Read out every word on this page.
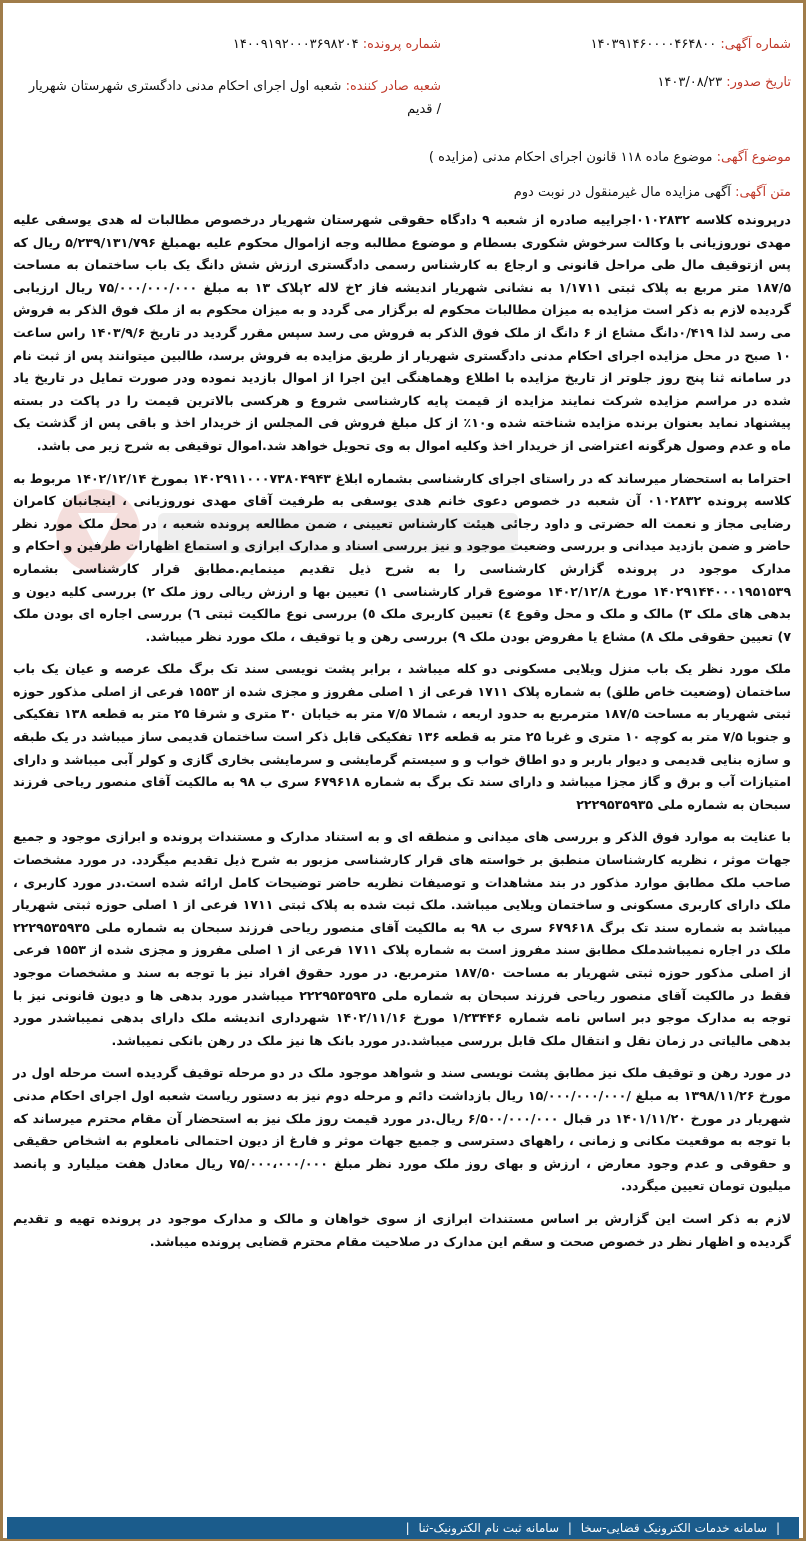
شماره آگهی: ۱۴۰۳۹۱۴۶۰۰۰۰۴۶۴۸۰۰
تاریخ صدور: ۱۴۰۳/۰۸/۲۳
شماره پرونده: ۱۴۰۰۹۱۹۲۰۰۰۳۶۹۸۲۰۴
شعبه صادر کننده: شعبه اول اجرای احکام مدنی دادگستری شهرستان شهریار / قدیم
موضوع آگهی: موضوع ماده ۱۱۸ قانون اجرای احکام مدنی (مزایده )
متن آگهی: آگهی مزایده مال غیرمنقول در نوبت دوم

درپرونده کلاسه ۰۱۰۲۸۳۲اجراییه صادره از شعبه ۹ دادگاه حقوقی شهرستان شهریار درخصوص مطالبات له هدی یوسفی علیه مهدی نوروزیانی با وکالت سرخوش شکوری بسطام و موضوع مطالبه وجه ازاموال محکوم علیه بهمبلغ ۵/۲۳۹/۱۳۱/۷۹۶ ریال که پس ازتوقیف مال طی مراحل قانونی و ارجاع به کارشناس رسمی دادگستری ارزش شش دانگ یک باب ساختمان به مساحت ۱۸۷/۵ متر مربع به پلاک ثبتی ۱/۱۷۱۱ به نشانی شهریار اندیشه فاز ۲خ لاله ۲پلاک ۱۳ به مبلغ ۷۵/۰۰۰/۰۰۰/۰۰۰ ریال ارزیابی گردیده لازم به ذکر است مزایده به میزان مطالبات محکوم له برگزار می گردد و به میزان محکوم به از ملک فوق الذکر به فروش می رسد لذا ۰/۴۱۹دانگ مشاع از ۶ دانگ از ملک فوق الذکر به فروش می رسد سپس مقرر گردید در تاریخ ۱۴۰۳/۹/۶ راس ساعت ۱۰ صبح در محل مزایده اجرای احکام مدنی دادگستری شهریار از طریق مزایده به فروش برسد، طالبین میتوانند پس از ثبت نام در سامانه ثنا پنج روز جلوتر از تاریخ مزایده با اطلاع وهماهنگی این اجرا از اموال بازدید نموده ودر صورت تمایل در تاریخ یاد شده در مراسم مزایده شرکت نمایند مزایده از قیمت پایه کارشناسی شروع و هرکسی بالاترین قیمت را در پاکت در بسته پیشنهاد نماید بعنوان برنده مزایده شناخته شده و۱۰٪ از کل مبلغ فروش فی المجلس از خریدار اخذ و باقی پس از گذشت یک ماه و عدم وصول هرگونه اعتراضی از خریدار اخذ وکلیه اموال به وی تحویل خواهد شد.اموال توقیفی به شرح زیر می باشد.

احتراما به استحضار میرساند که در راستای اجرای کارشناسی بشماره ابلاغ ۱۴۰۲۹۱۱۰۰۰۷۳۸۰۴۹۴۳ بمورخ ۱۴۰۲/۱۲/۱۴ مربوط به کلاسه پرونده ۰۱۰۲۸۳۲ آن شعبه در خصوص دعوی خانم هدی یوسفی به طرفیت آقای مهدی نوروزیانی ، اینجانبان کامران رضایی مجاز و نعمت اله حضرتی و داود رجائی هیئت کارشناس تعیینی ، ضمن مطالعه پرونده شعبه ، در محل ملک مورد نظر حاضر و ضمن بازدید میدانی و بررسی وضعیت موجود و نیز بررسی اسناد و مدارک ابرازی و استماع اظهارات طرفین و احکام و مدارک موجود در پرونده گزارش کارشناسی را به شرح ذیل تقدیم مینمایم.مطابق قرار کارشناسی بشماره ۱۴۰۲۹۱۴۴۰۰۰۱۹۵۱۵۳۹ مورخ ۱۴۰۲/۱۲/۸ موضوع قرار کارشناسی ۱) تعیین بها و ارزش ریالی روز ملک ۲) بررسی کلیه دیون و بدهی های ملک ۳) مالک و ملک و محل وقوع ٤) تعیین کاربری ملک ٥) بررسی نوع مالکیت ثبتی ٦) بررسی اجاره ای بودن ملک ۷) تعیین حقوقی ملک ۸) مشاع یا مفروض بودن ملک ۹) بررسی رهن و یا توقیف ، ملک مورد نظر میباشد.

ملک مورد نظر یک باب منزل ویلایی مسکونی دو کله میباشد ، برابر پشت نویسی سند تک برگ ملک عرصه و عیان یک باب ساختمان (وضعیت خاص طلق) به شماره پلاک ۱۷۱۱ فرعی از ۱ اصلی مفروز و مجزی شده از ۱۵۵۳ فرعی از اصلی مذکور حوزه ثبتی شهریار به مساحت ۱۸۷/۵ مترمربع به حدود اربعه ، شمالا ۷/۵ متر به خیابان ۳۰ متری و شرقا ۲۵ متر به قطعه ۱۳۸ تفکیکی و جنوبا ۷/۵ متر به کوچه ۱۰ متری و غربا ۲۵ متر به قطعه ۱۳۶ تفکیکی قابل ذکر است ساختمان قدیمی ساز میباشد در یک طبقه و سازه بنایی قدیمی و دیوار باربر و دو اطاق خواب و و سیستم گرمایشی و سرمایشی بخاری گازی و کولر آبی میباشد و دارای امتیازات آب و برق و گاز مجزا میباشد و دارای سند تک برگ به شماره ۶۷۹۶۱۸ سری ب ۹۸ به مالکیت آقای منصور ریاحی فرزند سبحان به شماره ملی ۲۲۲۹۵۳۵۹۳۵

با عنایت به موارد فوق الذکر و بررسی های میدانی و منطقه ای و به استناد مدارک و مستندات پرونده و ابرازی موجود و جمیع جهات موثر ، نظریه کارشناسان منطبق بر خواسته های قرار کارشناسی مزبور به شرح ذیل تقدیم میگردد. در مورد مشخصات صاحب ملک مطابق موارد مذکور در بند مشاهدات و توصیفات نظریه حاضر توضیحات کامل ارائه شده است.در مورد کاربری ، ملک دارای کاربری مسکونی و ساختمان ویلایی میباشد. ملک ثبت شده به پلاک ثبتی ۱۷۱۱ فرعی از ۱ اصلی حوزه ثبتی شهریار میباشد به شماره سند تک برگ ۶۷۹۶۱۸ سری ب ۹۸ به مالکیت آقای منصور ریاحی فرزند سبحان به شماره ملی ۲۲۲۹۵۳۵۹۳۵ ملک در اجاره نمیباشدملک مطابق سند مفروز است به شماره پلاک ۱۷۱۱ فرعی از ۱ اصلی مفروز و مجزی شده از ۱۵۵۳ فرعی از اصلی مذکور حوزه ثبتی شهریار به مساحت ۱۸۷/۵۰ مترمربع. در مورد حقوق افراد نیز با توجه به سند و مشخصات موجود فقط در مالکیت آقای منصور ریاحی فرزند سبحان به شماره ملی ۲۲۲۹۵۳۵۹۳۵ میباشدر مورد بدهی ها و دیون قانونی نیز با توجه به مدارک موجو دبر اساس نامه شماره ۱/۲۳۴۴۶ مورخ ۱۴۰۲/۱۱/۱۶ شهرداری اندیشه ملک دارای بدهی نمیباشدر مورد بدهی مالیاتی در زمان نقل و انتقال ملک قابل بررسی میباشد.در مورد بانک ها نیز ملک در رهن بانکی نمیباشد.

در مورد رهن و توقیف ملک نیز مطابق پشت نویسی سند و شواهد موجود ملک در دو مرحله توقیف گردیده است مرحله اول در مورخ ۱۳۹۸/۱۱/۲۶ به مبلغ /۱۵/۰۰۰/۰۰۰/۰۰۰ ریال بازداشت دائم و مرحله دوم نیز به دستور ریاست شعبه اول اجرای احکام مدنی شهریار در مورخ ۱۴۰۱/۱۱/۲۰ در قبال ۶/۵۰۰/۰۰۰/۰۰۰ ریال.در مورد قیمت روز ملک نیز به استحضار آن مقام محترم میرساند که با توجه به موقعیت مکانی و زمانی ، راههای دسترسی و جمیع جهات موثر و فارغ از دیون احتمالی نامعلوم به اشخاص حقیقی و حقوقی و عدم وجود معارض ، ارزش و بهای روز ملک مورد نظر مبلغ ۷۵/۰۰۰،۰۰۰/۰۰۰ ریال معادل هفت میلیارد و پانصد میلیون تومان تعیین میگردد.

لازم به ذکر است این گزارش بر اساس مستندات ابرازی از سوی خواهان و مالک و مدارک موجود در پرونده تهیه و تقدیم گردیده و اظهار نظر در خصوص صحت و سقم این مدارک در صلاحیت مقام محترم قضایی پرونده میباشد.

| سامانه خدمات الکترونیک قضایی-سخا | سامانه ثبت نام الکترونیک-ثنا |
